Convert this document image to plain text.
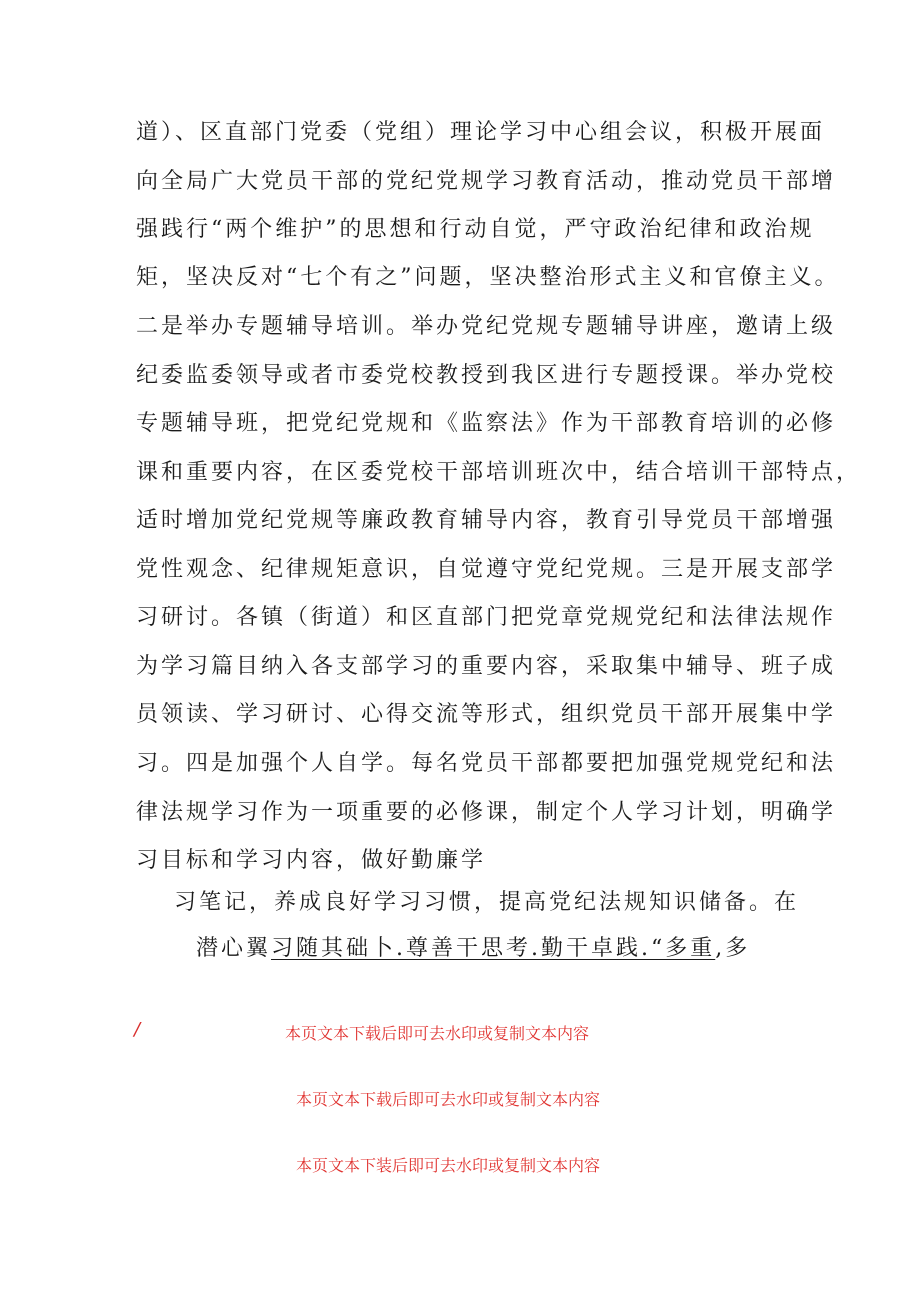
道）、区直部门党委（党组）理论学习中心组会议，积极开展面
向全局广大党员干部的党纪党规学习教育活动，推动党员干部增
强践行“两个维护”的思想和行动自觉，严守政治纪律和政治规
矩，坚决反对“七个有之”问题，坚决整治形式主义和官僚主义。
二是举办专题辅导培训。举办党纪党规专题辅导讲座，邀请上级
纪委监委领导或者市委党校教授到我区进行专题授课。举办党校
专题辅导班，把党纪党规和《监察法》作为干部教育培训的必修
课和重要内容，在区委党校干部培训班次中，结合培训干部特点，
适时增加党纪党规等廉政教育辅导内容，教育引导党员干部增强
党性观念、纪律规矩意识，自觉遵守党纪党规。三是开展支部学
习研讨。各镇（街道）和区直部门把党章党规党纪和法律法规作
为学习篇目纳入各支部学习的重要内容，采取集中辅导、班子成
员领读、学习研讨、心得交流等形式，组织党员干部开展集中学
习。四是加强个人自学。每名党员干部都要把加强党规党纪和法
律法规学习作为一项重要的必修课，制定个人学习计划，明确学
习目标和学习内容，做好勤廉学
习笔记，养成良好学习习惯，提高党纪法规知识储备。在
潜心翼习随其础卜.尊善干思考.勤干卓践.“多重,多
/	本页文本下载后即可去水印或复制文本内容
本页文本下载后即可去水印或复制文本内容
本页文本下装后即可去水印或复制文本内容
